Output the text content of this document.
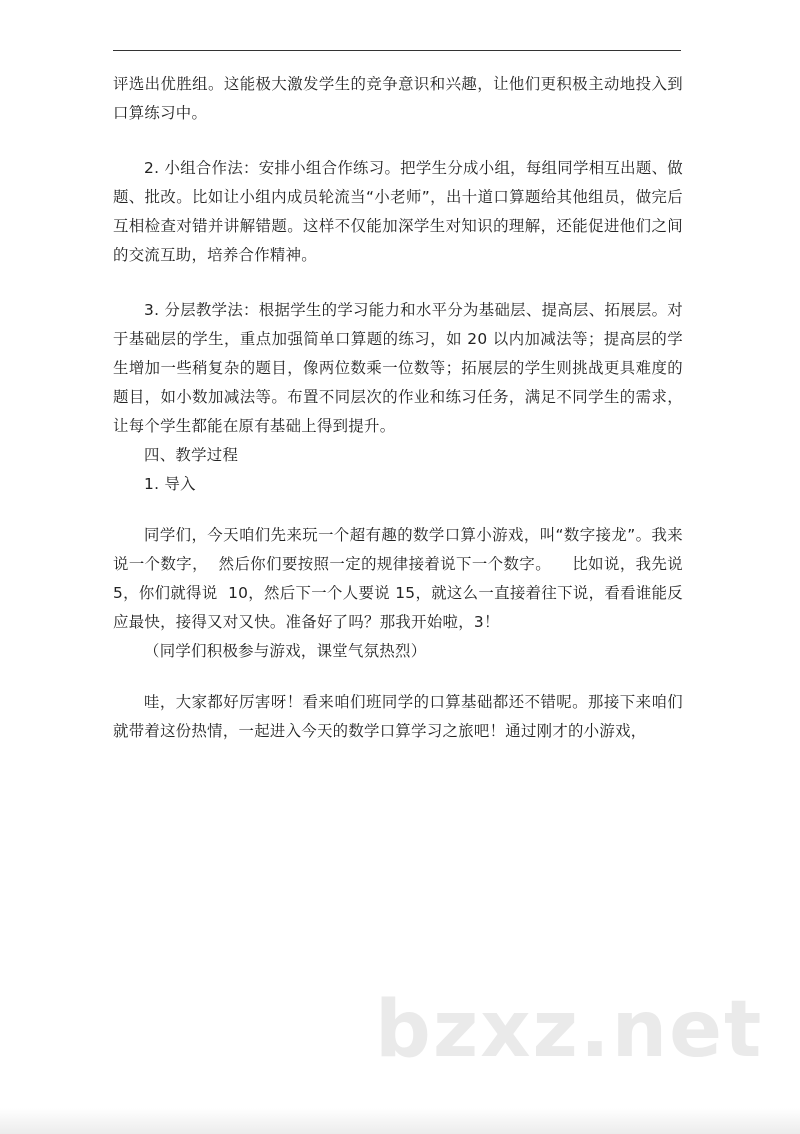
评选出优胜组。这能极大激发学生的竞争意识和兴趣，让他们更积极主动地投入到口算练习中。

2. 小组合作法：安排小组合作练习。把学生分成小组，每组同学相互出题、做题、批改。比如让小组内成员轮流当“小老师”，出十道口算题给其他组员，做完后互相检查对错并讲解错题。这样不仅能加深学生对知识的理解，还能促进他们之间的交流互助，培养合作精神。

3. 分层教学法：根据学生的学习能力和水平分为基础层、提高层、拓展层。对于基础层的学生，重点加强简单口算题的练习，如 20 以内加减法等；提高层的学生增加一些稍复杂的题目，像两位数乘一位数等；拓展层的学生则挑战更具难度的题目，如小数加减法等。布置不同层次的作业和练习任务，满足不同学生的需求，让每个学生都能在原有基础上得到提升。

四、教学过程

1. 导入

同学们，今天咱们先来玩一个超有趣的数学口算小游戏，叫“数字接龙”。我来说一个数字，  然后你们要按照一定的规律接着说下一个数字。    比如说，我先说 5，你们就得说  10，然后下一个人要说 15，就这么一直接着往下说，看看谁能反应最快，接得又对又快。准备好了吗？那我开始啦，3！

（同学们积极参与游戏，课堂气氛热烈）

哇，大家都好厉害呀！看来咱们班同学的口算基础都还不错呢。那接下来咱们就带着这份热情，一起进入今天的数学口算学习之旅吧！通过刚才的小游戏，

bzxz.net
